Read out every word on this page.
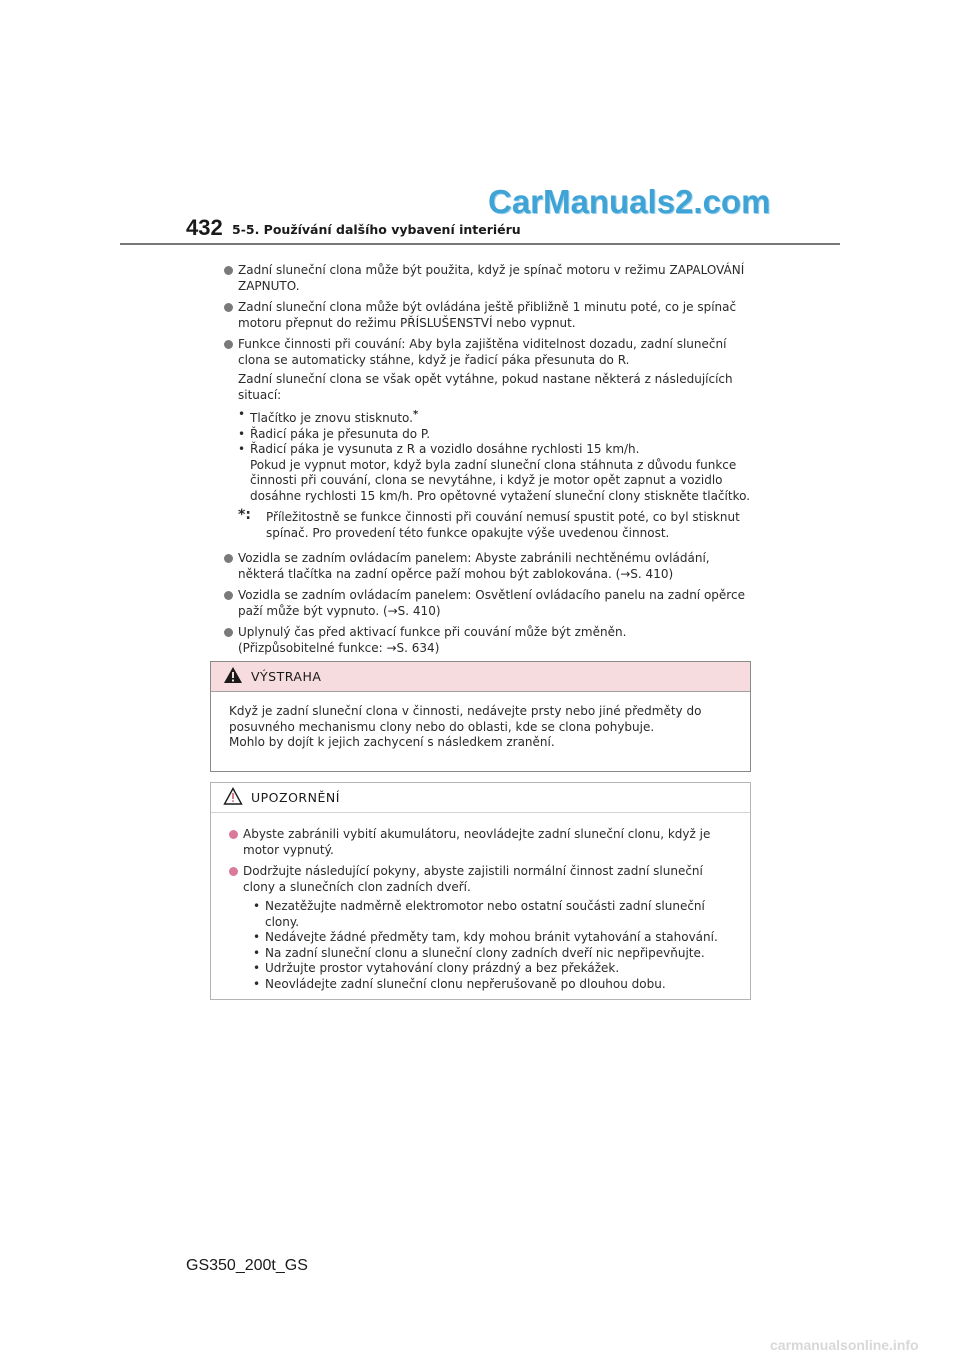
CarManuals2.com
432 5-5. Používání dalšího vybavení interiéru
Zadní sluneční clona může být použita, když je spínač motoru v režimu ZAPALOVÁNÍ ZAPNUTO.
Zadní sluneční clona může být ovládána ještě přibližně 1 minutu poté, co je spínač motoru přepnut do režimu PŘÍSLUŠENSTVÍ nebo vypnut.
Funkce činnosti při couvání: Aby byla zajištěna viditelnost dozadu, zadní sluneční clona se automaticky stáhne, když je řadicí páka přesunuta do R.
Zadní sluneční clona se však opět vytáhne, pokud nastane některá z následujících situací:
• Tlačítko je znovu stisknuto.*
• Řadicí páka je přesunuta do P.
• Řadicí páka je vysunuta z R a vozidlo dosáhne rychlosti 15 km/h.
Pokud je vypnut motor, když byla zadní sluneční clona stáhnuta z důvodu funkce činnosti při couvání, clona se nevytáhne, i když je motor opět zapnut a vozidlo dosáhne rychlosti 15 km/h. Pro opětovné vytažení sluneční clony stiskněte tlačítko.
*: Příležitostně se funkce činnosti při couvání nemusí spustit poté, co byl stisknut spínač. Pro provedení této funkce opakujte výše uvedenou činnost.
Vozidla se zadním ovládacím panelem: Abyste zabránili nechtěnému ovládání, některá tlačítka na zadní opěrce paží mohou být zablokována. (→S. 410)
Vozidla se zadním ovládacím panelem: Osvětlení ovládacího panelu na zadní opěrce paží může být vypnuto. (→S. 410)
Uplynulý čas před aktivací funkce při couvání může být změněn.
(Přizpůsobitelné funkce: →S. 634)
VÝSTRAHA
Když je zadní sluneční clona v činnosti, nedávejte prsty nebo jiné předměty do posuvného mechanismu clony nebo do oblasti, kde se clona pohybuje.
Mohlo by dojít k jejich zachycení s následkem zranění.
UPOZORNĚNÍ
Abyste zabránili vybití akumulátoru, neovládejte zadní sluneční clonu, když je motor vypnutý.
Dodržujte následující pokyny, abyste zajistili normální činnost zadní sluneční clony a slunečních clon zadních dveří.
• Nezatěžujte nadměrně elektromotor nebo ostatní součásti zadní sluneční clony.
• Nedávejte žádné předměty tam, kdy mohou bránit vytahování a stahování.
• Na zadní sluneční clonu a sluneční clony zadních dveří nic nepřipevňujte.
• Udržujte prostor vytahování clony prázdný a bez překážek.
• Neovládejte zadní sluneční clonu nepřerušovaně po dlouhou dobu.
GS350_200t_GS
carmanualsonline.info
